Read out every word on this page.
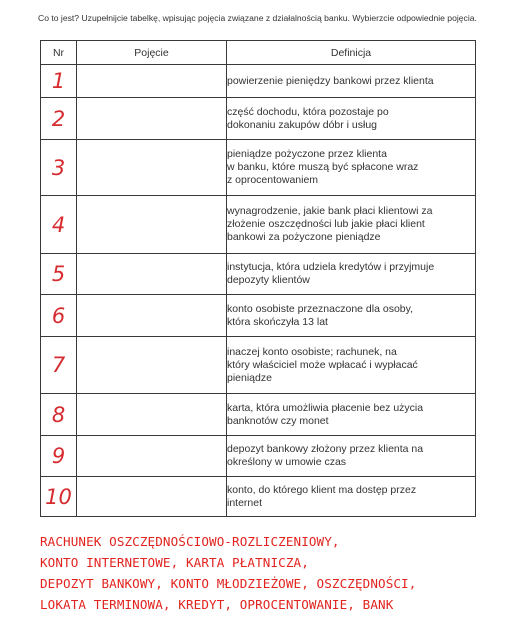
Co to jest? Uzupełnijcie tabelkę, wpisując pojęcia związane z działalnością banku. Wybierzcie odpowiednie pojęcia.
Nr	Pojęcie	Definicja
1		powierzenie pieniędzy bankowi przez klienta

2		część dochodu, która pozostaje po
dokonaniu zakupów dóbr i usług

3		pieniądze pożyczone przez klienta
w banku, które muszą być spłacone wraz
z oprocentowaniem

4		wynagrodzenie, jakie bank płaci klientowi za
złożenie oszczędności lub jakie płaci klient
bankowi za pożyczone pieniądze

5		instytucja, która udziela kredytów i przyjmuje
depozyty klientów

6		konto osobiste przeznaczone dla osoby,
która skończyła 13 lat

7		inaczej konto osobiste; rachunek, na
który właściciel może wpłacać i wypłacać
pieniądze

8		karta, która umożliwia płacenie bez użycia
banknotów czy monet

9		depozyt bankowy złożony przez klienta na
określony w umowie czas

10		konto, do którego klient ma dostęp przez
internet
RACHUNEK OSZCZĘDNOŚCIOWO-ROZLICZENIOWY,
KONTO INTERNETOWE, KARTA PŁATNICZA,
DEPOZYT BANKOWY, KONTO MŁODZIEŻOWE, OSZCZĘDNOŚCI,
LOKATA TERMINOWA, KREDYT, OPROCENTOWANIE, BANK
